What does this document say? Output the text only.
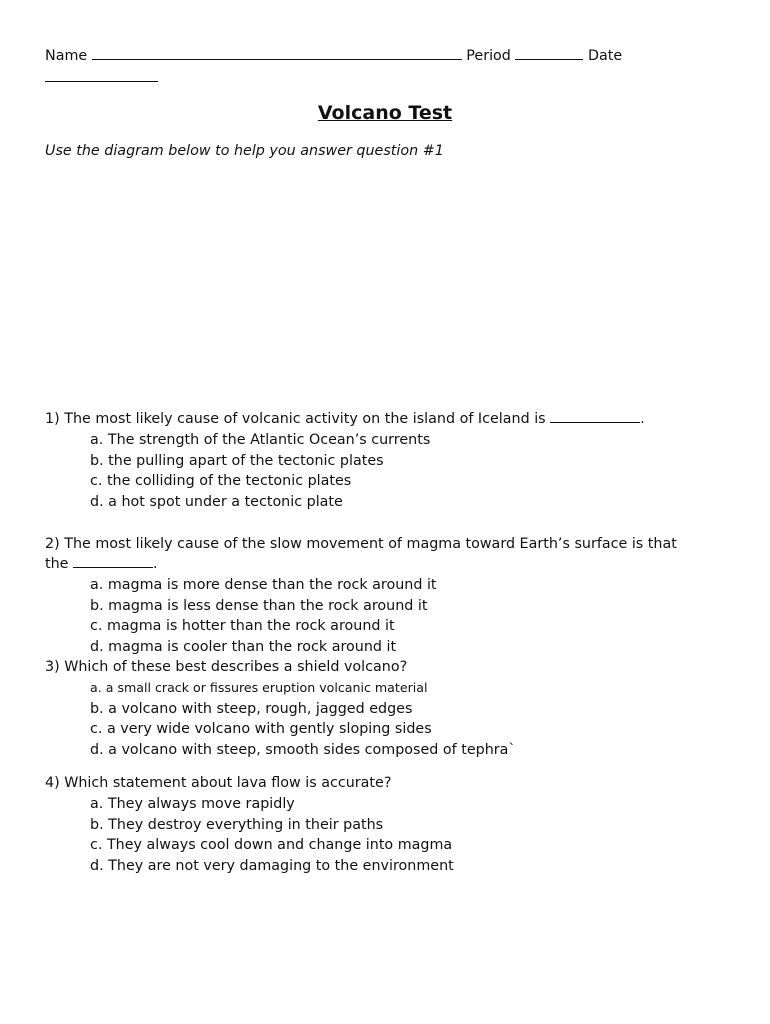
Name	Period	Date
Volcano Test
Use the diagram below to help you answer question #1
1) The most likely cause of volcanic activity on the island of Iceland is	.
a. The strength of the Atlantic Ocean’s currents
b. the pulling apart of the tectonic plates
c. the colliding of the tectonic plates
d. a hot spot under a tectonic plate
2) The most likely cause of the slow movement of magma toward Earth’s surface is that
the	.
a. magma is more dense than the rock around it
b. magma is less dense than the rock around it
c. magma is hotter than the rock around it
d. magma is cooler than the rock around it
3) Which of these best describes a shield volcano?
a. a small crack or fissures eruption volcanic material
b. a volcano with steep, rough, jagged edges
c. a very wide volcano with gently sloping sides
d. a volcano with steep, smooth sides composed of tephra`
4) Which statement about lava flow is accurate?
a. They always move rapidly
b. They destroy everything in their paths
c. They always cool down and change into magma
d. They are not very damaging to the environment
